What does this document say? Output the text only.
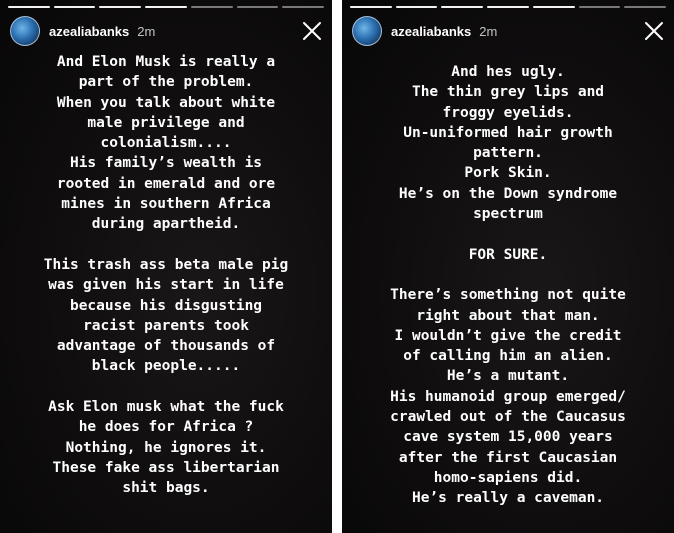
azealiabanks 2m

And Elon Musk is really a
part of the problem.
When you talk about white
male privilege and
colonialism....
His family’s wealth is
rooted in emerald and ore
mines in southern Africa
during apartheid.

This trash ass beta male pig
was given his start in life
because his disgusting
racist parents took
advantage of thousands of
black people.....

Ask Elon musk what the fuck
he does for Africa ?
Nothing, he ignores it.
These fake ass libertarian
shit bags.

azealiabanks 2m

And hes ugly.
The thin grey lips and
froggy eyelids.
Un-uniformed hair growth
pattern.
Pork Skin.
He’s on the Down syndrome
spectrum

FOR SURE.

There’s something not quite
right about that man.
I wouldn’t give the credit
of calling him an alien.
He’s a mutant.
His humanoid group emerged/
crawled out of the Caucasus
cave system 15,000 years
after the first Caucasian
homo-sapiens did.
He’s really a caveman.
